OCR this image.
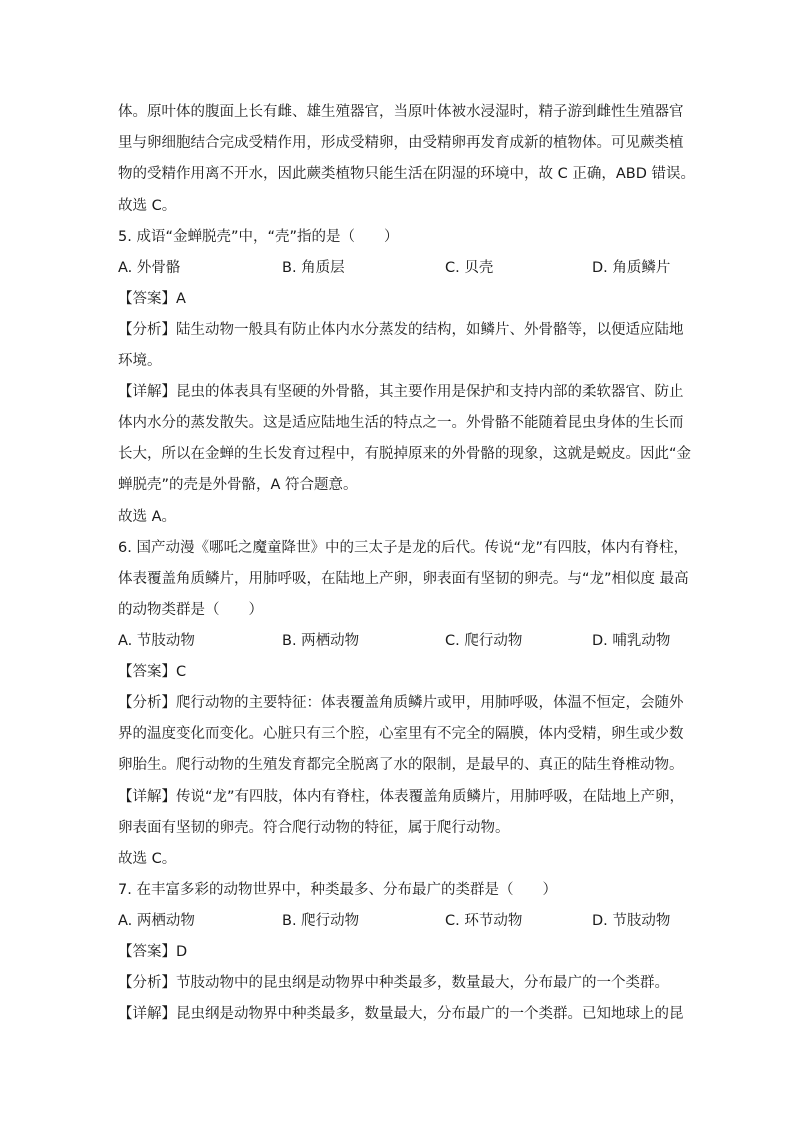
体。原叶体的腹面上长有雌、雄生殖器官，当原叶体被水浸湿时，精子游到雌性生殖器官
里与卵细胞结合完成受精作用，形成受精卵，由受精卵再发育成新的植物体。可见蕨类植
物的受精作用离不开水，因此蕨类植物只能生活在阴湿的环境中，故 C 正确，ABD 错误。
故选 C。
5. 成语“金蝉脱壳”中，“壳”指的是（　　）
A. 外骨骼	B. 角质层	C. 贝壳	D. 角质鳞片
【答案】A
【分析】陆生动物一般具有防止体内水分蒸发的结构，如鳞片、外骨骼等，以便适应陆地
环境。
【详解】昆虫的体表具有坚硬的外骨骼，其主要作用是保护和支持内部的柔软器官、防止
体内水分的蒸发散失。这是适应陆地生活的特点之一。外骨骼不能随着昆虫身体的生长而
长大，所以在金蝉的生长发育过程中，有脱掉原来的外骨骼的现象，这就是蜕皮。因此“金
蝉脱壳”的壳是外骨骼，A 符合题意。
故选 A。
6. 国产动漫《哪吒之魔童降世》中的三太子是龙的后代。传说“龙”有四肢，体内有脊柱，
体表覆盖角质鳞片，用肺呼吸，在陆地上产卵，卵表面有坚韧的卵壳。与“龙”相似度 最高
的动物类群是（　　）
A. 节肢动物	B. 两栖动物	C. 爬行动物	D. 哺乳动物
【答案】C
【分析】爬行动物的主要特征：体表覆盖角质鳞片或甲，用肺呼吸，体温不恒定，会随外
界的温度变化而变化。心脏只有三个腔，心室里有不完全的隔膜，体内受精，卵生或少数
卵胎生。爬行动物的生殖发育都完全脱离了水的限制，是最早的、真正的陆生脊椎动物。
【详解】传说“龙”有四肢，体内有脊柱，体表覆盖角质鳞片，用肺呼吸，在陆地上产卵，
卵表面有坚韧的卵壳。符合爬行动物的特征，属于爬行动物。
故选 C。
7. 在丰富多彩的动物世界中，种类最多、分布最广的类群是（　　）
A. 两栖动物	B. 爬行动物	C. 环节动物	D. 节肢动物
【答案】D
【分析】节肢动物中的昆虫纲是动物界中种类最多，数量最大，分布最广的一个类群。
【详解】昆虫纲是动物界中种类最多，数量最大，分布最广的一个类群。已知地球上的昆
